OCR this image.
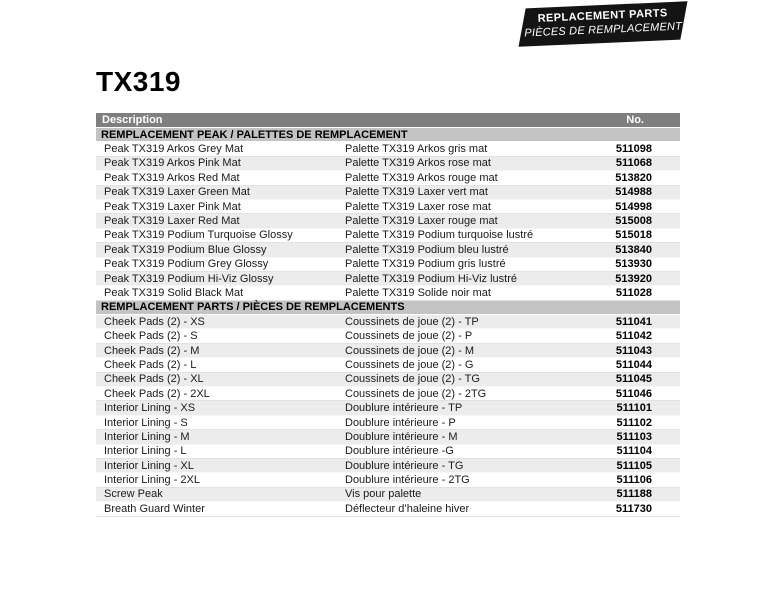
REPLACEMENT PARTS
PIÈCES DE REMPLACEMENT
TX319
Description	No.
REMPLACEMENT PEAK / PALETTES DE REMPLACEMENT
Peak TX319 Arkos Grey Mat	Palette TX319 Arkos gris mat	511098
Peak TX319 Arkos Pink Mat	Palette TX319 Arkos rose mat	511068
Peak TX319 Arkos Red Mat	Palette TX319 Arkos rouge mat	513820
Peak TX319 Laxer Green Mat	Palette TX319 Laxer vert mat	514988
Peak TX319 Laxer Pink Mat	Palette TX319 Laxer rose mat	514998
Peak TX319 Laxer Red Mat	Palette TX319 Laxer rouge mat	515008
Peak TX319 Podium Turquoise Glossy	Palette TX319 Podium turquoise lustré	515018
Peak TX319 Podium Blue Glossy	Palette TX319 Podium bleu lustré	513840
Peak TX319 Podium Grey Glossy	Palette TX319 Podium gris lustré	513930
Peak TX319 Podium Hi-Viz Glossy	Palette TX319 Podium Hi-Viz lustré	513920
Peak TX319 Solid Black Mat	Palette TX319 Solide noir mat	511028
REMPLACEMENT PARTS / PIÈCES DE REMPLACEMENTS
Cheek Pads (2) - XS	Coussinets de joue (2) - TP	511041
Cheek Pads (2) - S	Coussinets de joue (2) - P	511042
Cheek Pads (2) - M	Coussinets de joue (2) - M	511043
Cheek Pads (2) - L	Coussinets de joue (2) - G	511044
Cheek Pads (2) - XL	Coussinets de joue (2) - TG	511045
Cheek Pads (2) - 2XL	Coussinets de joue (2) - 2TG	511046
Interior Lining - XS	Doublure intérieure - TP	511101
Interior Lining - S	Doublure intérieure - P	511102
Interior Lining - M	Doublure intérieure - M	511103
Interior Lining - L	Doublure intérieure -G	511104
Interior Lining - XL	Doublure intérieure - TG	511105
Interior Lining - 2XL	Doublure intérieure - 2TG	511106
Screw Peak	Vis pour palette	511188
Breath Guard Winter	Déflecteur d’haleine hiver	511730
